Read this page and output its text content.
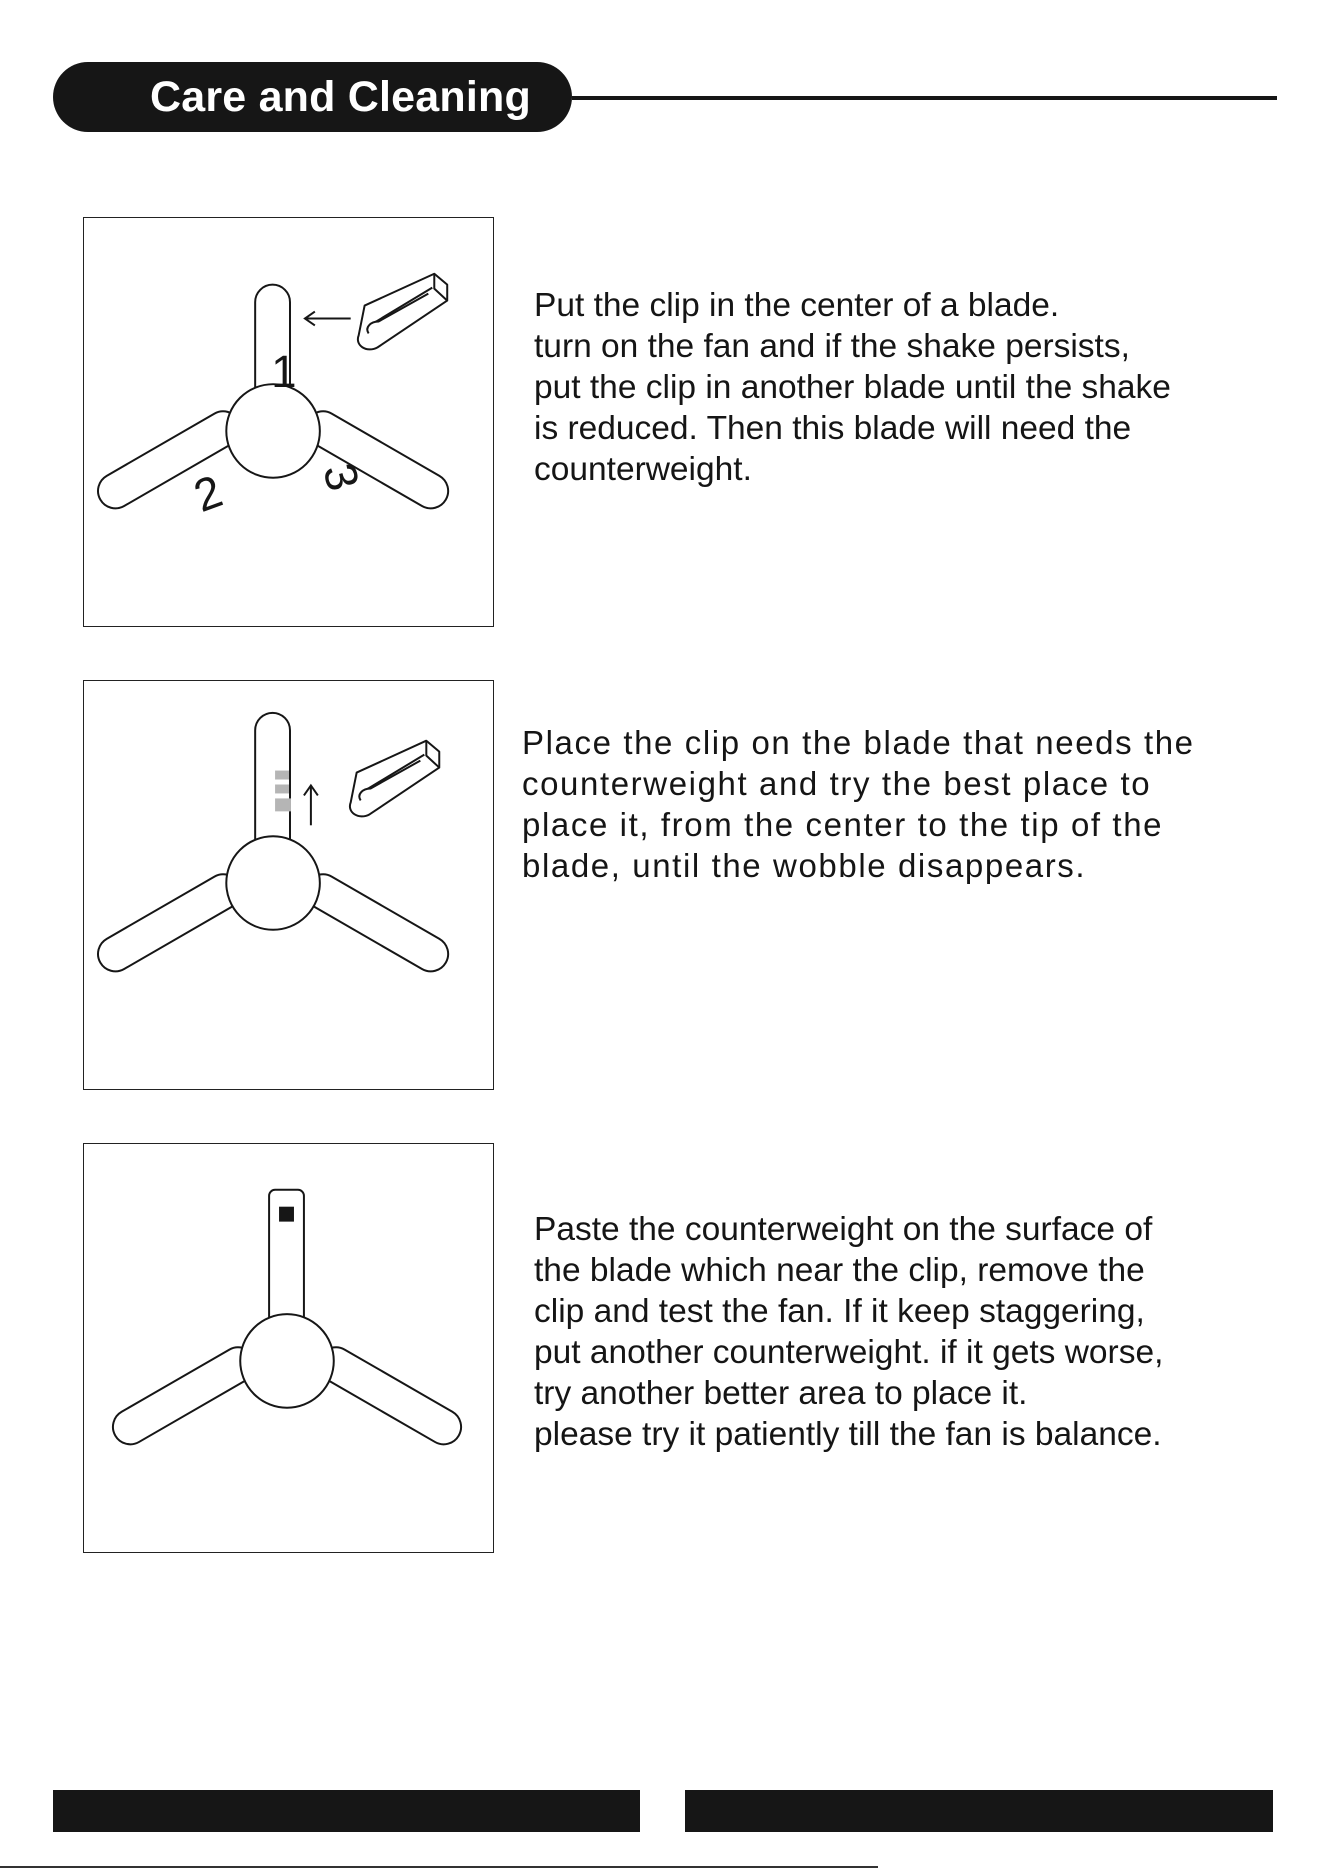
Care and Cleaning
1
2 3
Put the clip in the center of a blade.
turn on the fan and if the shake persists,
put the clip in another blade until the shake
is reduced. Then this blade will need the
counterweight.
Place the clip on the blade that needs the
counterweight and try the best place to
place it, from the center to the tip of the
blade, until the wobble disappears.
Paste the counterweight on the surface of
the blade which near the clip, remove the
clip and test the fan. If it keep staggering,
put another counterweight. if it gets worse,
try another better area to place it.
please try it patiently till the fan is balance.
